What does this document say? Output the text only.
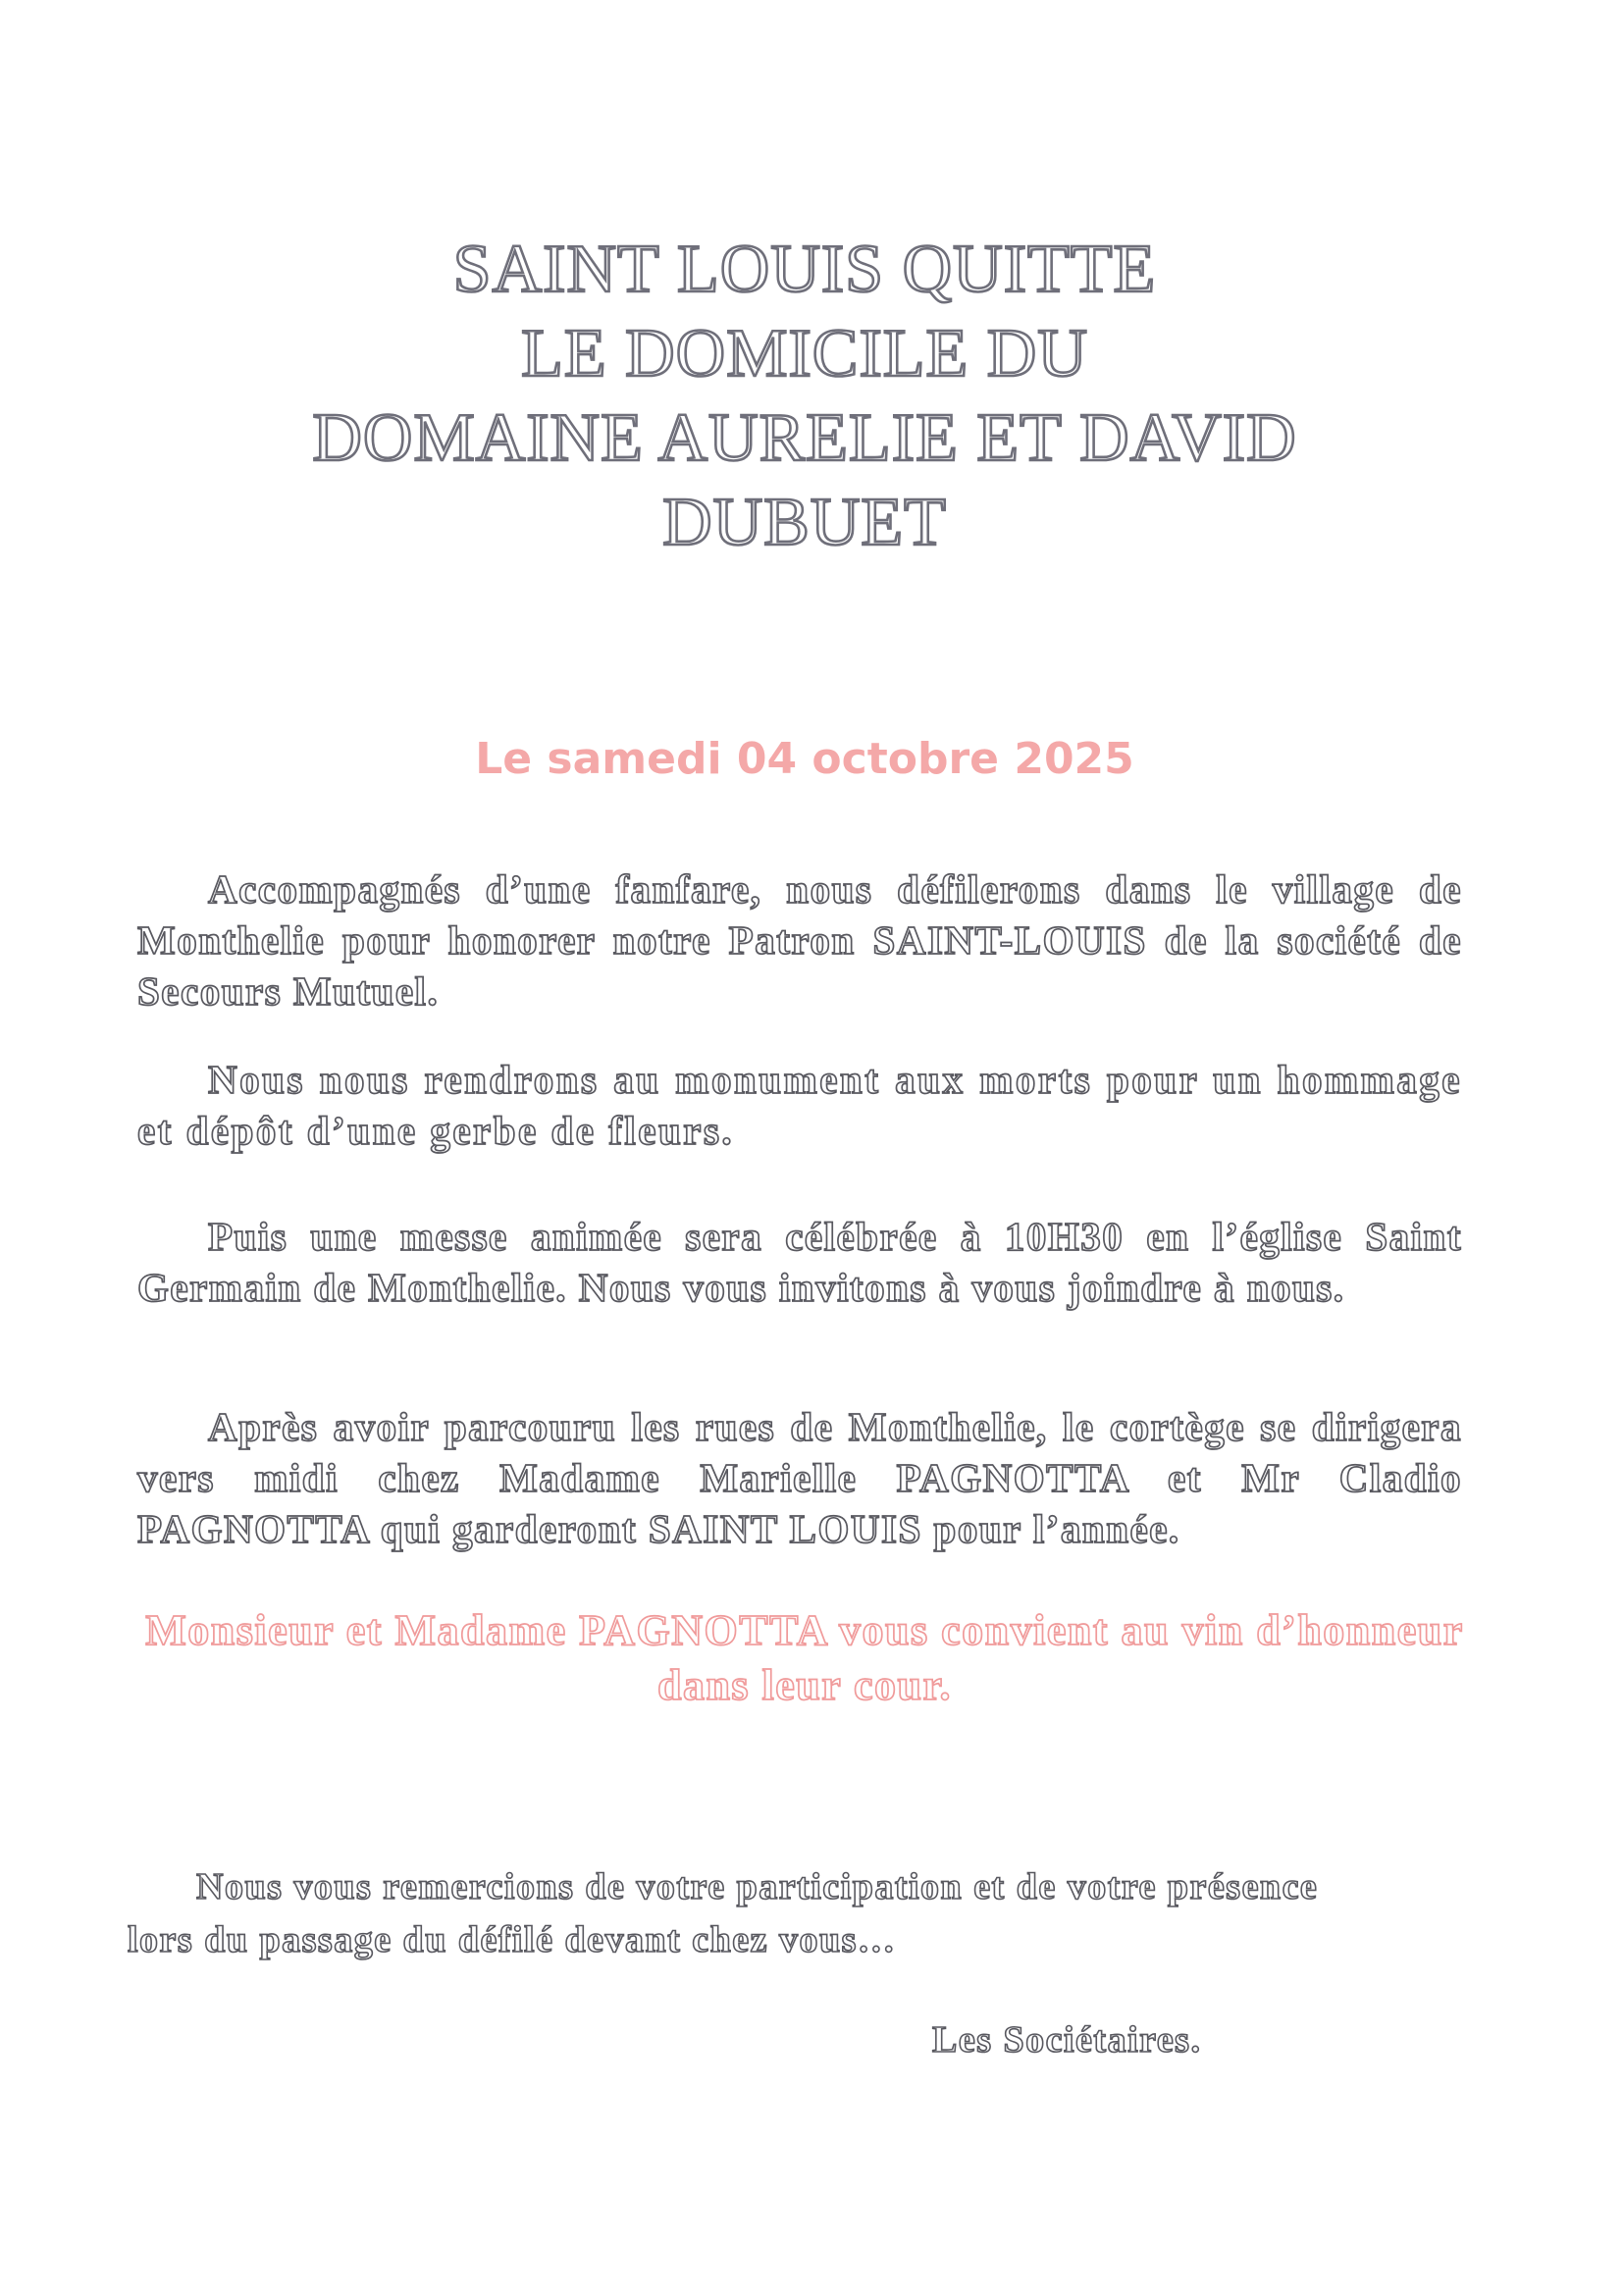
SAINT LOUIS QUITTE
LE DOMICILE DU
DOMAINE AURELIE ET DAVID
DUBUET
Le samedi 04 octobre 2025
Accompagnés d’une fanfare, nous défilerons dans le village de Monthelie pour honorer notre Patron SAINT-LOUIS de la société de Secours Mutuel.
Nous nous rendrons au monument aux morts pour un hommage et dépôt d’une gerbe de fleurs.
Puis une messe animée sera célébrée à 10H30 en l’église Saint Germain de Monthelie. Nous vous invitons à vous joindre à nous.
Après avoir parcouru les rues de Monthelie, le cortège se dirigera vers midi chez Madame Marielle PAGNOTTA et Mr Cladio PAGNOTTA qui garderont SAINT LOUIS pour l’année.
Monsieur et Madame PAGNOTTA vous convient au vin d’honneur dans leur cour.
Nous vous remercions de votre participation et de votre présence lors du passage du défilé devant chez vous…
Les Sociétaires.
